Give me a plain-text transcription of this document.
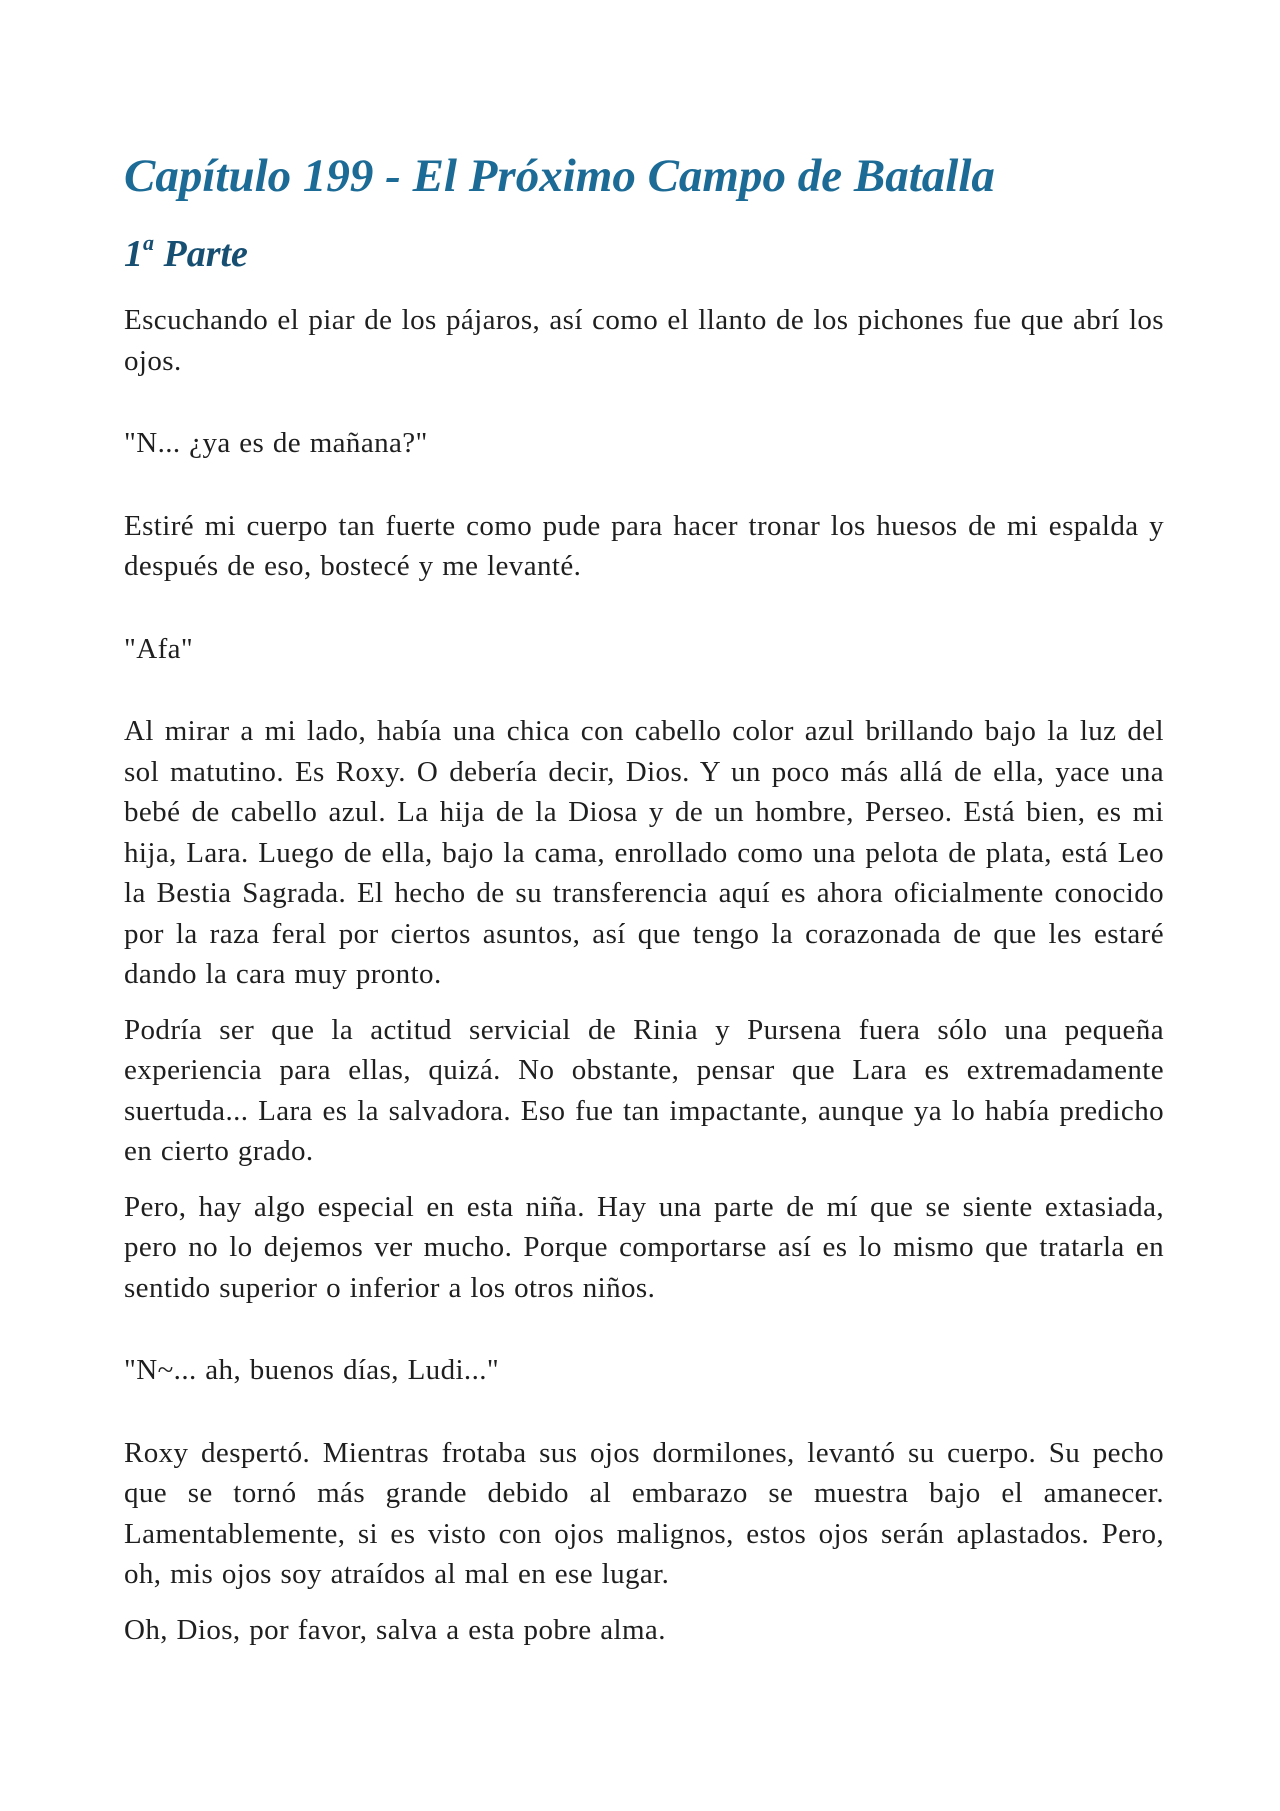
Capítulo 199 - El Próximo Campo de Batalla
1$^a$ Parte

Escuchando el piar de los pájaros, así como el llanto de los pichones fue que abrí los ojos.

"N... ¿ya es de mañana?"

Estiré mi cuerpo tan fuerte como pude para hacer tronar los huesos de mi espalda y después de eso, bostecé y me levanté.

"Afa"

Al mirar a mi lado, había una chica con cabello color azul brillando bajo la luz del sol matutino. Es Roxy. O debería decir, Dios. Y un poco más allá de ella, yace una bebé de cabello azul. La hija de la Diosa y de un hombre, Perseo. Está bien, es mi hija, Lara. Luego de ella, bajo la cama, enrollado como una pelota de plata, está Leo la Bestia Sagrada. El hecho de su transferencia aquí es ahora oficialmente conocido por la raza feral por ciertos asuntos, así que tengo la corazonada de que les estaré dando la cara muy pronto.

Podría ser que la actitud servicial de Rinia y Pursena fuera sólo una pequeña experiencia para ellas, quizá. No obstante, pensar que Lara es extremadamente suertuda... Lara es la salvadora. Eso fue tan impactante, aunque ya lo había predicho en cierto grado.

Pero, hay algo especial en esta niña. Hay una parte de mí que se siente extasiada, pero no lo dejemos ver mucho. Porque comportarse así es lo mismo que tratarla en sentido superior o inferior a los otros niños.

"N~... ah, buenos días, Ludi..."

Roxy despertó. Mientras frotaba sus ojos dormilones, levantó su cuerpo. Su pecho que se tornó más grande debido al embarazo se muestra bajo el amanecer. Lamentablemente, si es visto con ojos malignos, estos ojos serán aplastados. Pero, oh, mis ojos soy atraídos al mal en ese lugar.

Oh, Dios, por favor, salva a esta pobre alma.
